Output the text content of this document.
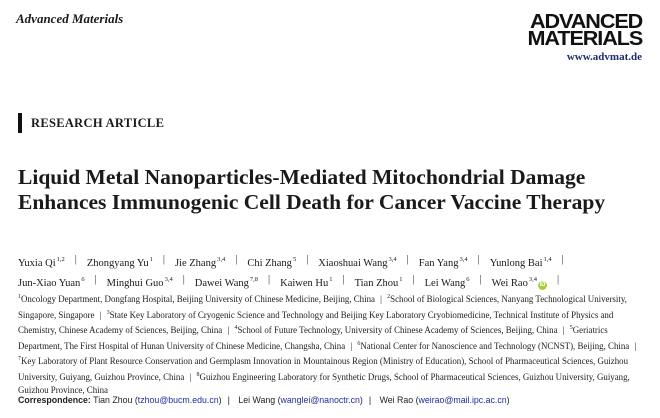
Advanced Materials	ADVANCED
MATERIALS
www.advmat.de
RESEARCH ARTICLE
Liquid Metal Nanoparticles-Mediated Mitochondrial Damage Enhances Immunogenic Cell Death for Cancer Vaccine Therapy
Yuxia Qi$^{1,2}$ | Zhongyang Yu$^1$ | Jie Zhang$^{3,4}$ | Chi Zhang$^5$ | Xiaoshuai Wang$^{3,4}$ | Fan Yang$^{3,4}$ | Yunlong Bai$^{1,4}$ |
Jun-Xiao Yuan$^6$ | Minghui Guo$^{3,4}$ | Dawei Wang$^{7,8}$ | Kaiwen Hu$^1$ | Tian Zhou$^1$ | Lei Wang$^6$ | Wei Rao$^{3,4}$iD |
$^1$Oncology Department, Dongfang Hospital, Beijing University of Chinese Medicine, Beijing, China | $^2$School of Biological Sciences, Nanyang Technological University, Singapore, Singapore | $^3$State Key Laboratory of Cryogenic Science and Technology and Beijing Key Laboratory Cryobiomedicine, Technical Institute of Physics and Chemistry, Chinese Academy of Sciences, Beijing, China | $^4$School of Future Technology, University of Chinese Academy of Sciences, Beijing, China | $^5$Geriatrics Department, The First Hospital of Hunan University of Chinese Medicine, Changsha, China | $^6$National Center for Nanoscience and Technology (NCNST), Beijing, China | $^7$Key Laboratory of Plant Resource Conservation and Germplasm Innovation in Mountainous Region (Ministry of Education), School of Pharmaceutical Sciences, Guizhou University, Guiyang, Guizhou Province, China | $^8$Guizhou Engineering Laboratory for Synthetic Drugs, School of Pharmaceutical Sciences, Guizhou University, Guiyang, Guizhou Province, China
Correspondence: Tian Zhou (tzhou@bucm.edu.cn) | Lei Wang (wanglei@nanoctr.cn) | Wei Rao (weirao@mail.ipc.ac.cn)
